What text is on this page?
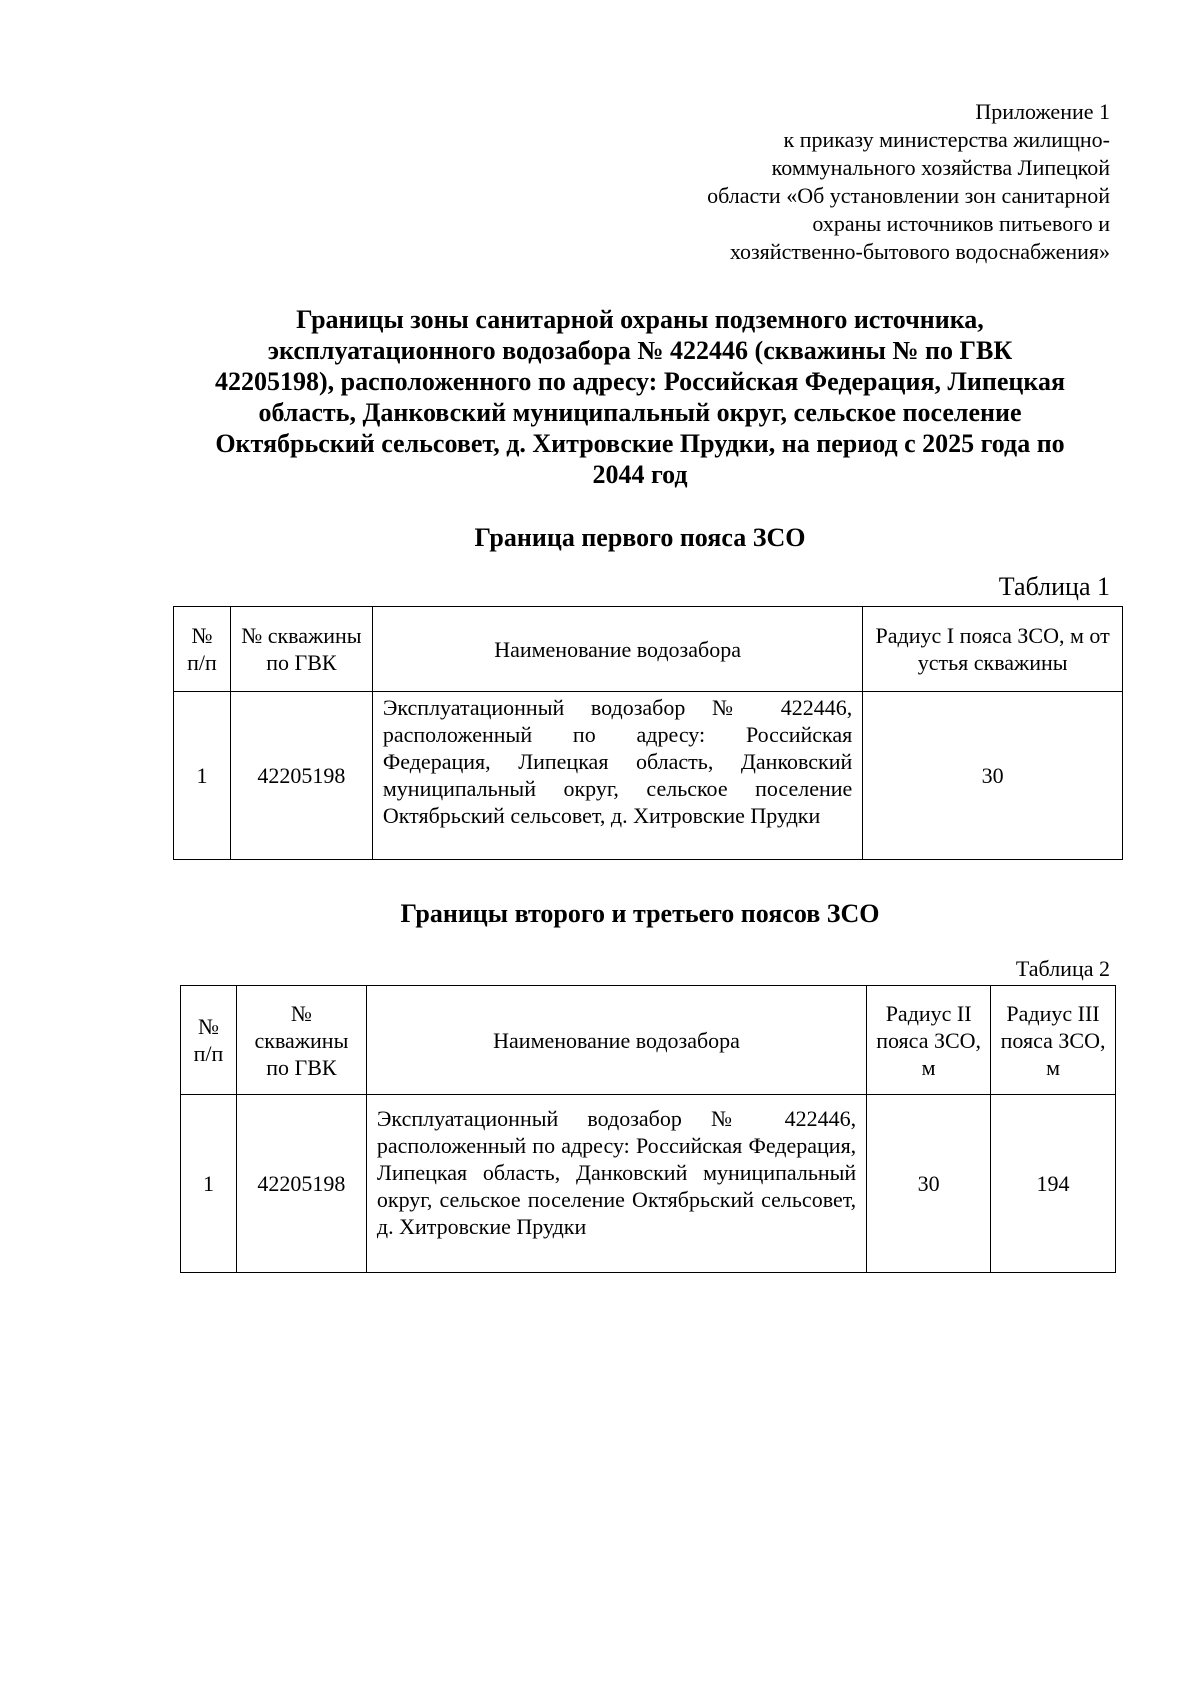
Приложение 1
к приказу министерства жилищно-
коммунального хозяйства Липецкой
области «Об установлении зон санитарной
охраны источников питьевого и
хозяйственно-бытового водоснабжения»
Границы зоны санитарной охраны подземного источника,
эксплуатационного водозабора № 422446 (скважины № по ГВК
42205198), расположенного по адресу: Российская Федерация, Липецкая
область, Данковский муниципальный округ, сельское поселение
Октябрьский сельсовет, д. Хитровские Прудки, на период с 2025 года по
2044 год
Граница первого пояса ЗСО
Таблица 1
№ п/п	№ скважины по ГВК	Наименование водозабора	Радиус I пояса ЗСО, м от устья скважины
1	42205198	Эксплуатационный водозабор № 422446, расположенный по адресу: Российская Федерация, Липецкая область, Данковский муниципальный округ, сельское поселение Октябрьский сельсовет, д. Хитровские Прудки	30
Границы второго и третьего поясов ЗСО
Таблица 2
№ п/п	№ скважины по ГВК	Наименование водозабора	Радиус II пояса ЗСО, м	Радиус III пояса ЗСО, м
1	42205198	Эксплуатационный водозабор № 422446, расположенный по адресу: Российская Федерация, Липецкая область, Данковский муниципальный округ, сельское поселение Октябрьский сельсовет, д. Хитровские Прудки	30	194
